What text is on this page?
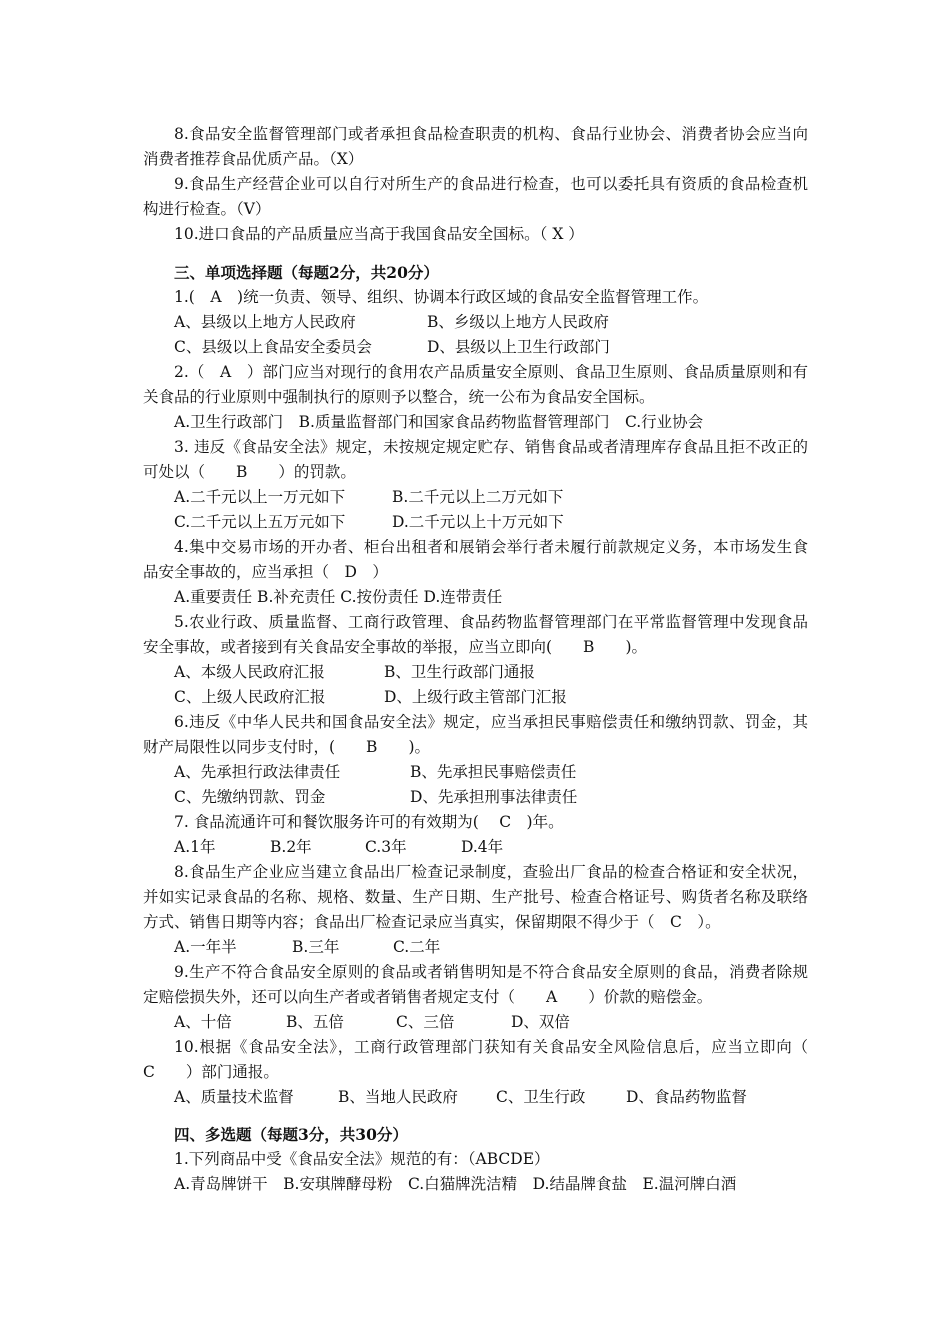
8.食品安全监督管理部门或者承担食品检查职责的机构、食品行业协会、消费者协会应当向消费者推荐食品优质产品。（X）

9.食品生产经营企业可以自行对所生产的食品进行检查，也可以委托具有资质的食品检查机构进行检查。（V）

10.进口食品的产品质量应当高于我国食品安全国标。（ X ）

三、单项选择题（每题2分，共20分）

1.(　A　)统一负责、领导、组织、协调本行政区域的食品安全监督管理工作。

A、县级以上地方人民政府	B、乡级以上地方人民政府

C、县级以上食品安全委员会	D、县级以上卫生行政部门

2.（　A　）部门应当对现行的食用农产品质量安全原则、食品卫生原则、食品质量原则和有关食品的行业原则中强制执行的原则予以整合，统一公布为食品安全国标。

A.卫生行政部门　B.质量监督部门和国家食品药物监督管理部门　C.行业协会

3. 违反《食品安全法》规定，未按规定规定贮存、销售食品或者清理库存食品且拒不改正的可处以（　　B　　）的罚款。

A.二千元以上一万元如下	B.二千元以上二万元如下

C.二千元以上五万元如下	D.二千元以上十万元如下

4.集中交易市场的开办者、柜台出租者和展销会举行者未履行前款规定义务，本市场发生食品安全事故的，应当承担（　D　）

A.重要责任 B.补充责任 C.按份责任 D.连带责任

5.农业行政、质量监督、工商行政管理、食品药物监督管理部门在平常监督管理中发现食品安全事故，或者接到有关食品安全事故的举报，应当立即向(　　B　　)。

A、本级人民政府汇报	B、卫生行政部门通报

C、上级人民政府汇报	D、上级行政主管部门汇报

6.违反《中华人民共和国食品安全法》规定，应当承担民事赔偿责任和缴纳罚款、罚金，其财产局限性以同步支付时，(　　B　　)。

A、先承担行政法律责任	B、先承担民事赔偿责任

C、先缴纳罚款、罚金	D、先承担刑事法律责任

7. 食品流通许可和餐饮服务许可的有效期为(　 C　)年。

A.1年	B.2年	C.3年	D.4年

8.食品生产企业应当建立食品出厂检查记录制度，查验出厂食品的检查合格证和安全状况，并如实记录食品的名称、规格、数量、生产日期、生产批号、检查合格证号、购货者名称及联络方式、销售日期等内容；食品出厂检查记录应当真实，保留期限不得少于（　C　）。

A.一年半	B.三年	C.二年

9.生产不符合食品安全原则的食品或者销售明知是不符合食品安全原则的食品，消费者除规定赔偿损失外，还可以向生产者或者销售者规定支付（　　A　　）价款的赔偿金。

A、十倍	B、五倍	C、三倍	D、双倍

10.根据《食品安全法》，工商行政管理部门获知有关食品安全风险信息后，应当立即向（　　C　　）部门通报。

A、质量技术监督	B、当地人民政府 C、卫生行政	D、食品药物监督

四、多选题（每题3分，共30分）

1.下列商品中受《食品安全法》规范的有：（ABCDE）

A.青岛牌饼干　B.安琪牌酵母粉　C.白猫牌洗洁精　D.结晶牌食盐　E.温河牌白酒
